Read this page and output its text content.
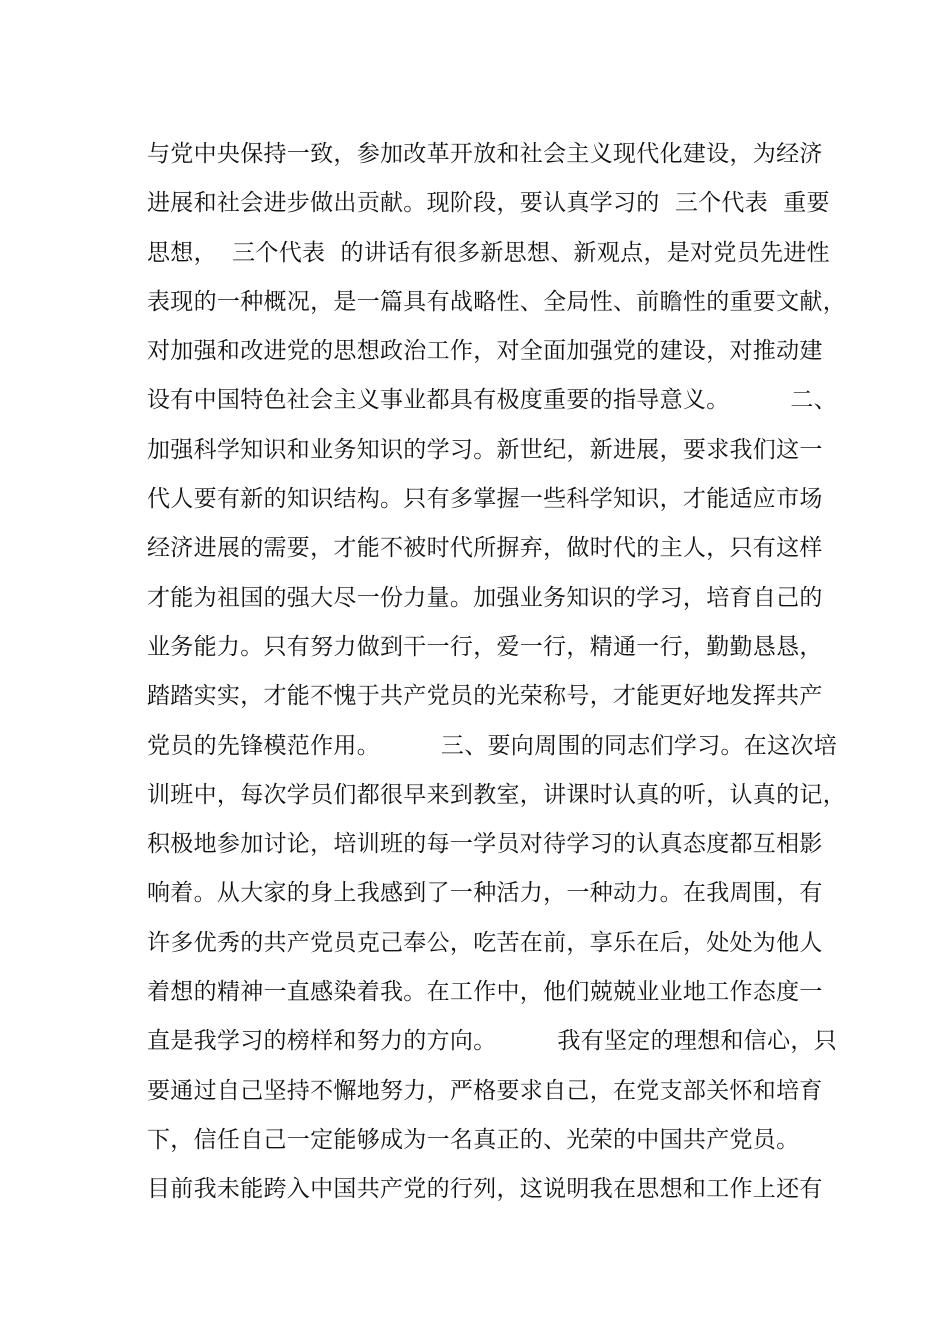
与党中央保持一致，参加改革开放和社会主义现代化建设，为经济
进展和社会进步做出贡献。现阶段，要认真学习的  三个代表  重要
思想，  三个代表  的讲话有很多新思想、新观点，是对党员先进性
表现的一种概况，是一篇具有战略性、全局性、前瞻性的重要文献，
对加强和改进党的思想政治工作，对全面加强党的建设，对推动建
设有中国特色社会主义事业都具有极度重要的指导意义。        二、
加强科学知识和业务知识的学习。新世纪，新进展，要求我们这一
代人要有新的知识结构。只有多掌握一些科学知识，才能适应市场
经济进展的需要，才能不被时代所摒弃，做时代的主人，只有这样
才能为祖国的强大尽一份力量。加强业务知识的学习，培育自己的
业务能力。只有努力做到干一行，爱一行，精通一行，勤勤恳恳，
踏踏实实，才能不愧于共产党员的光荣称号，才能更好地发挥共产
党员的先锋模范作用。        三、要向周围的同志们学习。在这次培
训班中，每次学员们都很早来到教室，讲课时认真的听，认真的记，
积极地参加讨论，培训班的每一学员对待学习的认真态度都互相影
响着。从大家的身上我感到了一种活力，一种动力。在我周围，有
许多优秀的共产党员克己奉公，吃苦在前，享乐在后，处处为他人
着想的精神一直感染着我。在工作中，他们兢兢业业地工作态度一
直是我学习的榜样和努力的方向。        我有坚定的理想和信心，只
要通过自己坚持不懈地努力，严格要求自己，在党支部关怀和培育
下，信任自己一定能够成为一名真正的、光荣的中国共产党员。
目前我未能跨入中国共产党的行列，这说明我在思想和工作上还有
